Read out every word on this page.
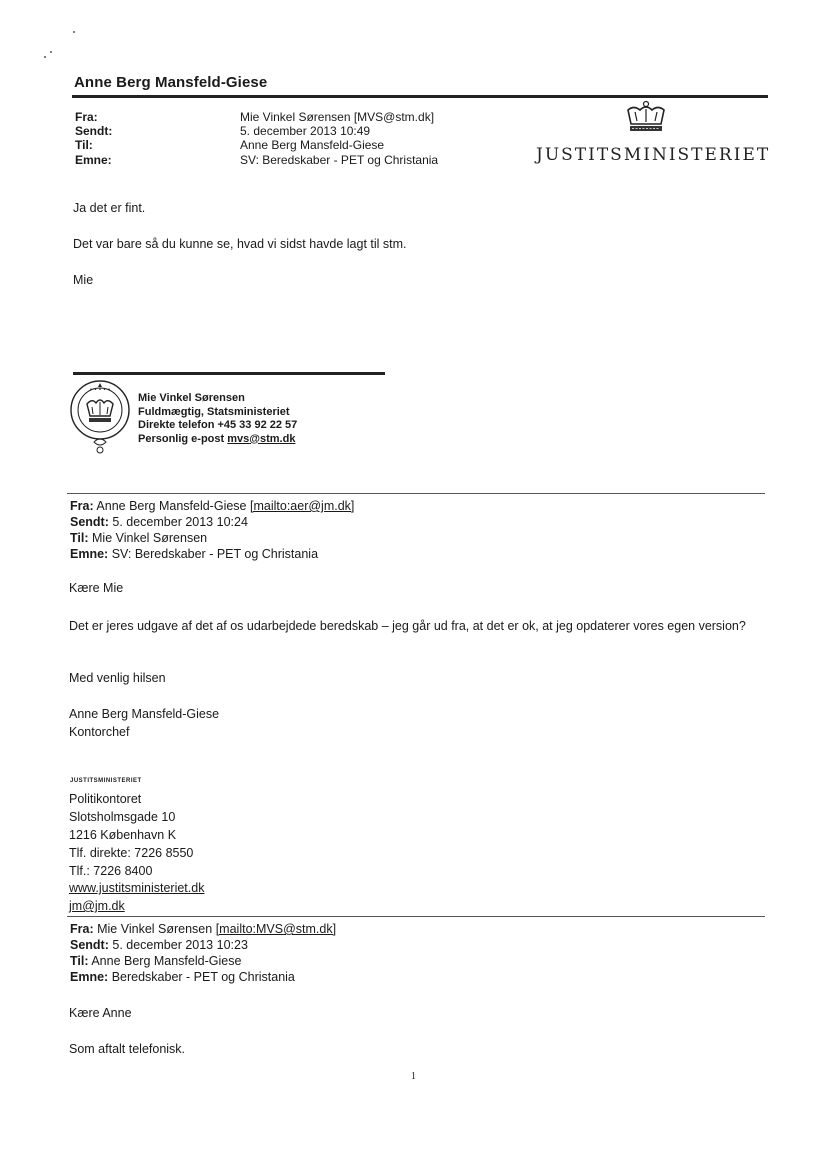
Anne Berg Mansfeld-Giese
Fra:	Mie Vinkel Sørensen [MVS@stm.dk]
Sendt:	5. december 2013 10:49
Til:	Anne Berg Mansfeld-Giese
Emne:	SV: Beredskaber - PET og Christania	JUSTITSMINISTERIET
Ja det er fint.
Det var bare så du kunne se, hvad vi sidst havde lagt til stm.
Mie
• • • • •
Mie Vinkel Sørensen
Fuldmægtig, Statsministeriet
Direkte telefon +45 33 92 22 57
Personlig e-post mvs@stm.dk
Fra: Anne Berg Mansfeld-Giese [mailto:aer@jm.dk]
Sendt: 5. december 2013 10:24
Til: Mie Vinkel Sørensen
Emne: SV: Beredskaber - PET og Christania
Kære Mie
Det er jeres udgave af det af os udarbejdede beredskab – jeg går ud fra, at det er ok, at jeg opdaterer vores egen version?
Med venlig hilsen
Anne Berg Mansfeld-Giese
Kontorchef
JUSTITSMINISTERIET
Politikontoret
Slotsholmsgade 10
1216 København K
Tlf. direkte: 7226 8550
Tlf.: 7226 8400
www.justitsministeriet.dk
jm@jm.dk
Fra: Mie Vinkel Sørensen [mailto:MVS@stm.dk]
Sendt: 5. december 2013 10:23
Til: Anne Berg Mansfeld-Giese
Emne: Beredskaber - PET og Christania
Kære Anne
Som aftalt telefonisk.
1
